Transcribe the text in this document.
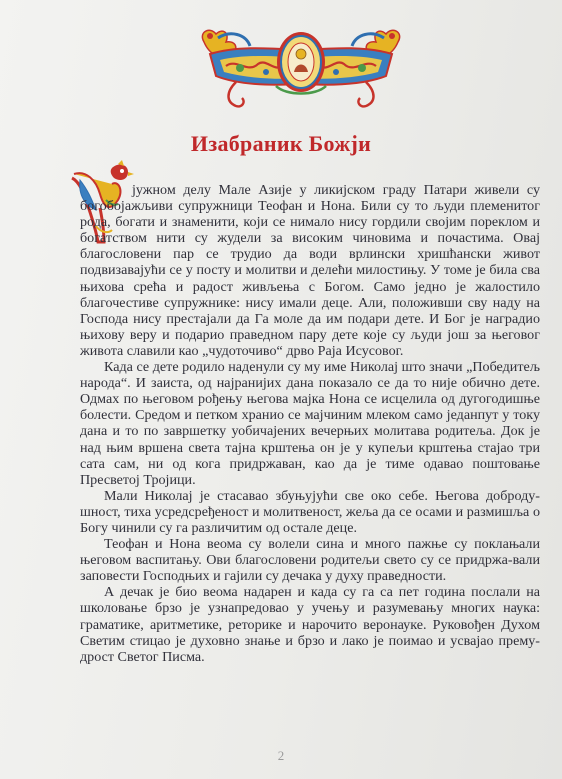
Изабраник Божји

јужном делу Мале Азије у ликијском граду Патари живели су богобојажљиви супружници Теофан и Нона. Били су то људи племенитог рода, богати и знаменити, који се нимало нису гордили својим пореклом и богатством нити су жудели за високим чиновима и почастима. Овај благословени пар се трудио да води врлински хришћански живот подвизавајући се у посту и молитви и делећи милостињу. У томе је била сва њихова срећа и радост живљења с Богом. Само једно је жалостило благочестиве супружнике: нису имали деце. Али, положивши сву наду на Господа нису престајали да Га моле да им подари дете. И Бог је наградио њихову веру и подарио праведном пару дете које су људи још за његовог живота славили као „чудоточиво“ дрво Раја Исусовог.

Када се дете родило наденули су му име Николај што значи „Победитељ народа“. И заиста, од најранијих дана показало се да то није обично дете. Одмах по његовом рођењу његова мајка Нона се исцелила од дугогодишње болести. Средом и петком хранио се мајчиним млеком само једанпут у току дана и то по завршетку уобичајених вечерњих молитава родитеља. Док је над њим вршена света тајна крштења он је у купељи крштења стајао три сата сам, ни од кога придржаван, као да је тиме одавао поштовање Пресветој Тројици.

Мали Николај је стасавао збуњујући све око себе. Његова доброду-шност, тиха усредсређеност и молитвеност, жеља да се осами и размишља о Богу чинили су га различитим од осталe деце.

Теофан и Нона веома су волели сина и много пажње су поклањали његовом васпитању. Ови благословени родитељи свето су се придржа-вали заповести Господњих и гајили су дечака у духу праведности.

А дечак је био веома надарен и када су га са пет година послали на школовање брзо је узнапредовао у учењу и разумевању многих наука: граматике, аритметике, реторике и нарочито веронауке. Руковођен Духом Светим стицао је духовно знање и брзо и лако је поимао и усвајао прему-дрост Светог Писма.

2
